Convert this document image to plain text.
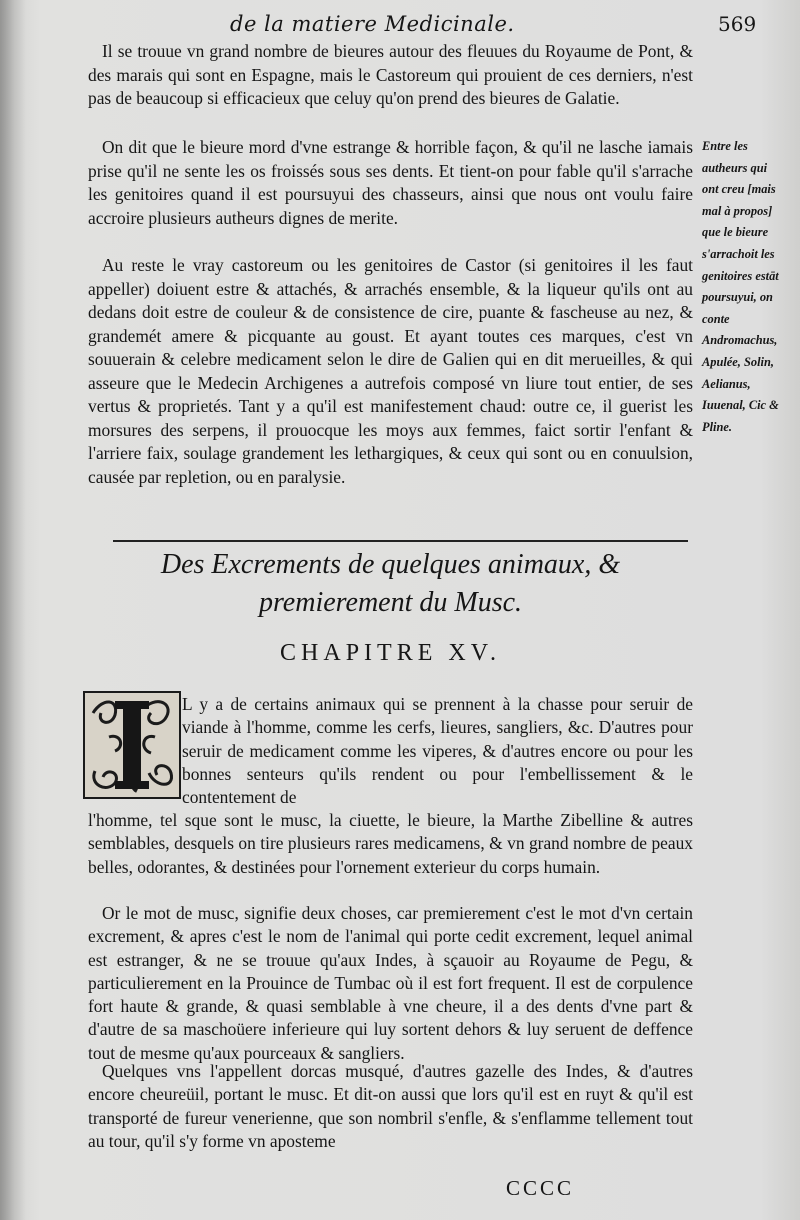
de la matiere Medicinale.	569

Il se trouue vn grand nombre de bieures autour des fleuues du Royaume de Pont, & des marais qui sont en Espagne, mais le Castoreum qui prouient de ces derniers, n'est pas de beaucoup si efficacieux que celuy qu'on prend des bieures de Galatie.

On dit que le bieure mord d'vne estrange & horrible façon, & qu'il ne lasche iamais prise qu'il ne sente les os froissés sous ses dents. Et tient-on pour fable qu'il s'arrache les genitoires quand il est poursuyui des chasseurs, ainsi que nous ont voulu faire accroire plusieurs autheurs dignes de merite.

Au reste le vray castoreum ou les genitoires de Castor (si genitoires il les faut appeller) doiuent estre & attachés, & arrachés ensemble, & la liqueur qu'ils ont au dedans doit estre de couleur & de consistence de cire, puante & fascheuse au nez, & grandemét amere & picquante au goust. Et ayant toutes ces marques, c'est vn souuerain & celebre medicament selon le dire de Galien qui en dit merueilles, & qui asseure que le Medecin Archigenes a autrefois composé vn liure tout entier, de ses vertus & proprietés. Tant y a qu'il est manifestement chaud: outre ce, il guerist les morsures des serpens, il prouocque les moys aux femmes, faict sortir l'enfant & l'arriere faix, soulage grandement les lethargiques, & ceux qui sont ou en conuulsion, causée par repletion, ou en paralysie.

Entre les autheurs qui ont creu [mais mal à propos] que le bieure s'arrachoit les genitoires estāt poursuyui, on conte Andromachus, Apulée, Solin, Aelianus, Iuuenal, Cic & Pline.
Des Excrements de quelques animaux, &
premierement du Musc.
CHAPITRE XV.

L y a de certains animaux qui se prennent à la chasse pour seruir de viande à l'homme, comme les cerfs, lieures, sangliers, &c. D'autres pour seruir de medicament comme les viperes, & d'autres encore ou pour les bonnes senteurs qu'ils rendent ou pour l'embellissement & le contentement de

l'homme, tel sque sont le musc, la ciuette, le bieure, la Marthe Zibelline & autres semblables, desquels on tire plusieurs rares medicamens, & vn grand nombre de peaux belles, odorantes, & destinées pour l'ornement exterieur du corps humain.

Or le mot de musc, signifie deux choses, car premierement c'est le mot d'vn certain excrement, & apres c'est le nom de l'animal qui porte cedit excrement, lequel animal est estranger, & ne se trouue qu'aux Indes, à sçauoir au Royaume de Pegu, & particulierement en la Prouince de Tumbac où il est fort frequent. Il est de corpulence fort haute & grande, & quasi semblable à vne cheure, il a des dents d'vne part & d'autre de sa maschoüere inferieure qui luy sortent dehors & luy seruent de deffence tout de mesme qu'aux pourceaux & sangliers.

Quelques vns l'appellent dorcas musqué, d'autres gazelle des Indes, & d'autres encore cheureüil, portant le musc. Et dit-on aussi que lors qu'il est en ruyt & qu'il est transporté de fureur venerienne, que son nombril s'enfle, & s'enflamme tellement tout au tour, qu'il s'y forme vn aposteme

CCCC
